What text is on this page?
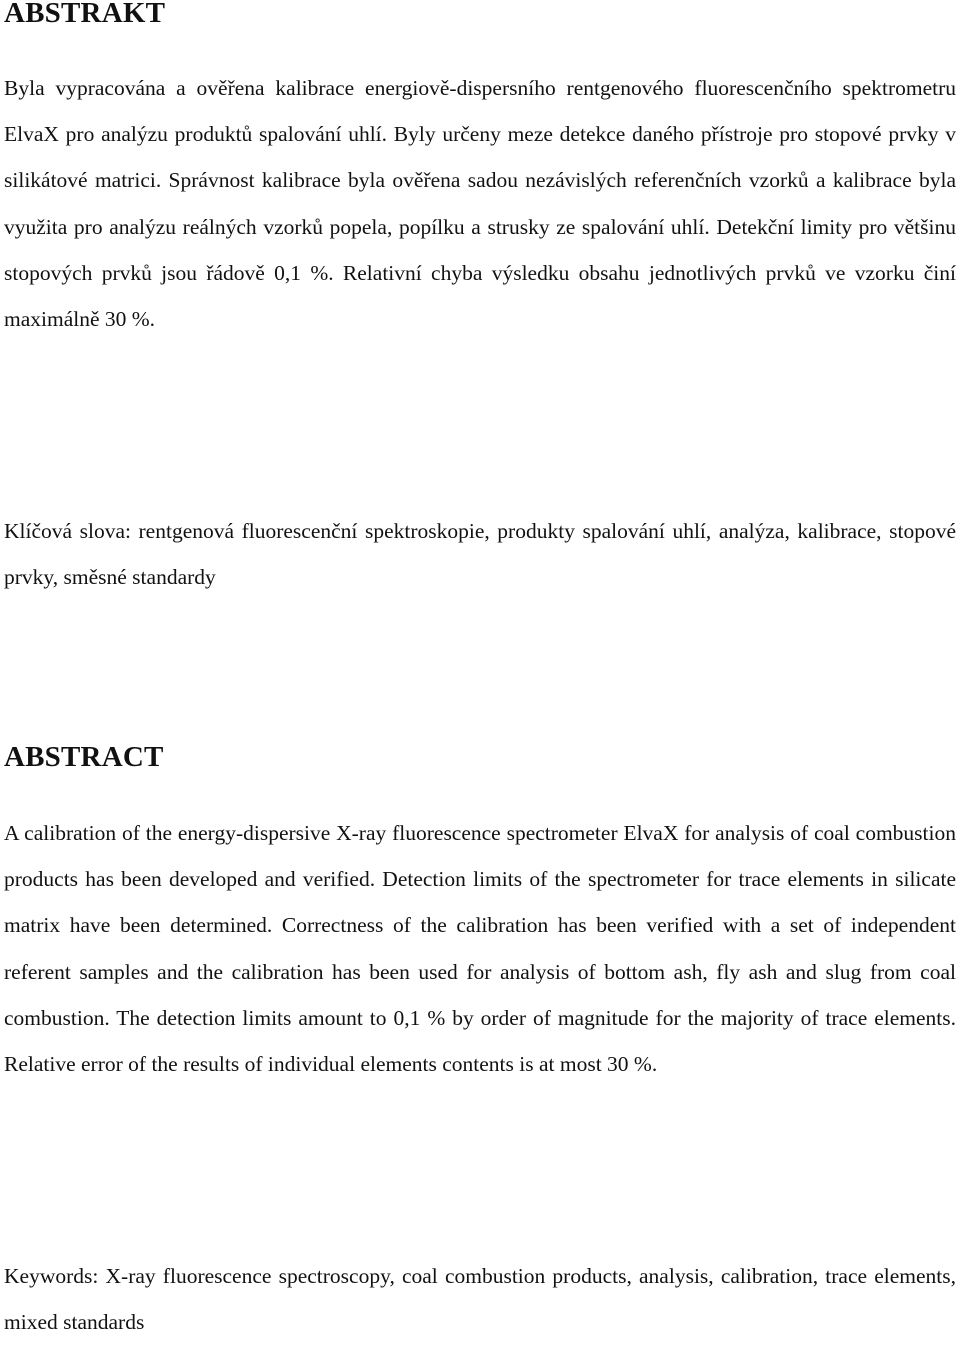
ABSTRAKT

Byla vypracována a ověřena kalibrace energiově-dispersního rentgenového fluorescenčního spektrometru ElvaX pro analýzu produktů spalování uhlí. Byly určeny meze detekce daného přístroje pro stopové prvky v silikátové matrici. Správnost kalibrace byla ověřena sadou nezávislých referenčních vzorků a kalibrace byla využita pro analýzu reálných vzorků popela, popílku a strusky ze spalování uhlí. Detekční limity pro většinu stopových prvků jsou řádově 0,1 %. Relativní chyba výsledku obsahu jednotlivých prvků ve vzorku činí maximálně 30 %.

Klíčová slova: rentgenová fluorescenční spektroskopie, produkty spalování uhlí, analýza, kalibrace, stopové prvky, směsné standardy

ABSTRACT

A calibration of the energy-dispersive X-ray fluorescence spectrometer ElvaX for analysis of coal combustion products has been developed and verified. Detection limits of the spectrometer for trace elements in silicate matrix have been determined. Correctness of the calibration has been verified with a set of independent referent samples and the calibration has been used for analysis of bottom ash, fly ash and slug from coal combustion. The detection limits amount to 0,1 % by order of magnitude for the majority of trace elements. Relative error of the results of individual elements contents is at most 30 %.

Keywords: X-ray fluorescence spectroscopy, coal combustion products, analysis, calibration, trace elements, mixed standards
